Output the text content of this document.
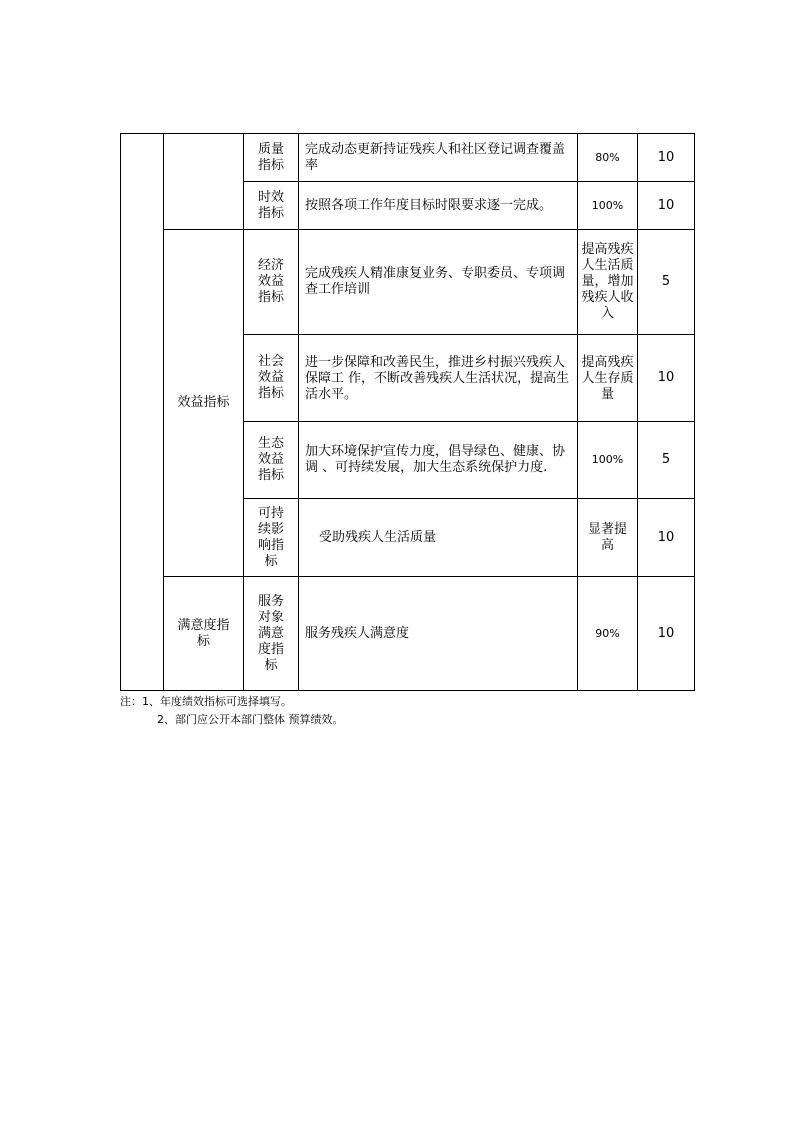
		质量指标	完成动态更新持证残疾人和社区登记调查覆盖率	80%	10
		时效指标	按照各项工作年度目标时限要求逐一完成。	100%	10
	效益指标	经济效益指标	完成残疾人精准康复业务、专职委员、专项调查工作培训	提高残疾人生活质量，增加残疾人收入	5
		社会效益指标	进一步保障和改善民生，推进乡村振兴残疾人保障工 作，不断改善残疾人生活状况，提高生活水平。	提高残疾人生存质量	10
		生态效益指标	加大环境保护宣传力度，倡导绿色、健康、协调 、可持续发展，加大生态系统保护力度.	100%	5
		可持续影响指标	受助残疾人生活质量	显著提高	10
	满意度指标	服务对象满意度指标	服务残疾人满意度	90%	10
注：1、年度绩效指标可选择填写。
2、部门应公开本部门整体 预算绩效。
